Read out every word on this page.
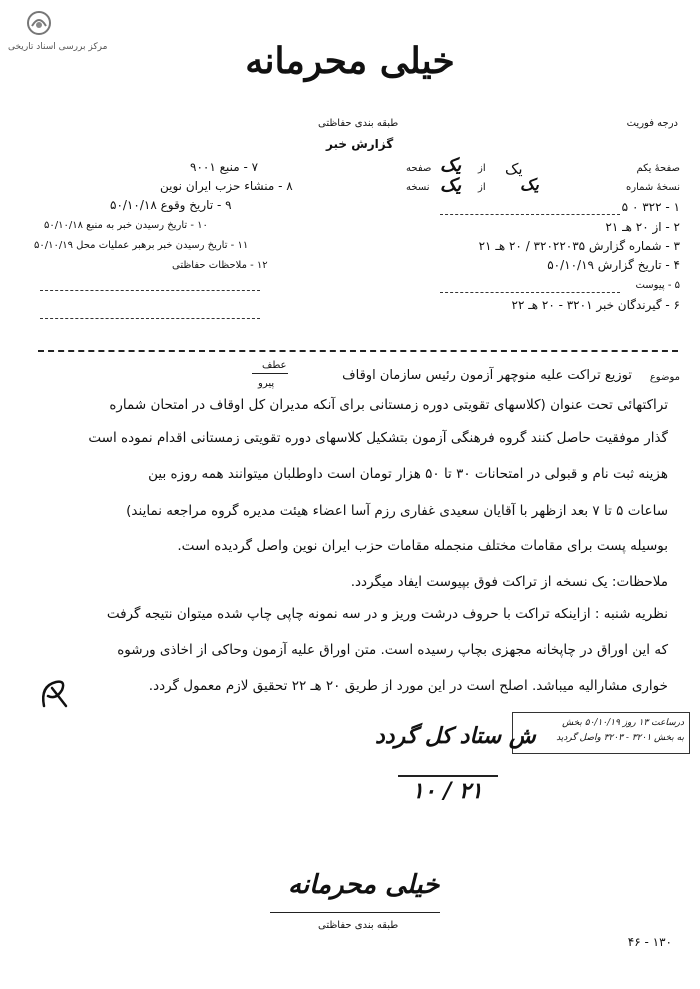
مرکز بررسی اسناد تاریخی	خیلی محرمانه
درجه فوریت
طبقه بندی حفاظتی
گزارش خبر
صفحهٔ یکم
یک
از
یک
صفحه
نسخهٔ شماره
یک
از
یک
نسخه
۱ - ۳۲۲ ۰ ۵
۲ - از ۲۰ هـ ۲۱
۳ - شماره گزارش ۳۲۰۲۲۰۳۵ / ۲۰ هـ ۲۱
۴ - تاریخ گزارش ۵۰/۱۰/۱۹
۵ - پیوست
۶ - گیرندگان خبر ۳۲۰۱ - ۲۰ هـ ۲۲
۷ - منبع ۹۰۰۱
۸ - منشاء حزب ایران نوین
۹ - تاریخ وقوع ۵۰/۱۰/۱۸
۱۰ - تاریخ رسیدن خبر به منبع ۵۰/۱۰/۱۸
۱۱ - تاریخ رسیدن خبر برهبر عملیات محل ۵۰/۱۰/۱۹
۱۲ - ملاحظات حفاظتی
موضوع
توزیع تراکت علیه منوچهر آزمون رئیس سازمان اوقاف
عطف
پیرو
تراکتهائی تحت عنوان (کلاسهای تقویتی دوره زمستانی برای آنکه مدیران کل اوقاف در امتحان شماره
گذار موفقیت حاصل کنند گروه فرهنگی آزمون بتشکیل کلاسهای دوره تقویتی زمستانی اقدام نموده است
هزینه ثبت نام و قبولی در امتحانات ۳۰ تا ۵۰ هزار تومان است داوطلبان میتوانند همه روزه بین
ساعات ۵ تا ۷ بعد ازظهر با آقایان سعیدی غفاری رزم آسا اعضاء هیئت مدیره گروه مراجعه نمایند)
بوسیله پست برای مقامات مختلف منجمله مقامات حزب ایران نوین واصل گردیده است.
ملاحظات: یک نسخه از تراکت فوق بپیوست ایفاد میگردد.
نظریه شنبه : ازاینکه تراکت با حروف درشت وریز و در سه نمونه چاپی چاپ شده میتوان نتیجه گرفت
که این اوراق در چاپخانه مجهزی بچاپ رسیده است. متن اوراق علیه آزمون وحاکی از اخاذی ورشوه
خواری مشارالیه میباشد. اصلح است در این مورد از طریق ۲۰ هـ ۲۲ تحقیق لازم معمول گردد.
درساعت ۱۳ روز ۵۰/۱۰/۱۹ بخش
به بخش ۳۲۰۱ - ۳۲۰۳ واصل گردید
ش ستاد کل گردد
۱۰ / ۲۱
خیلی محرمانه
طبقه بندی حفاظتی
۱۳۰ - ۴۶
